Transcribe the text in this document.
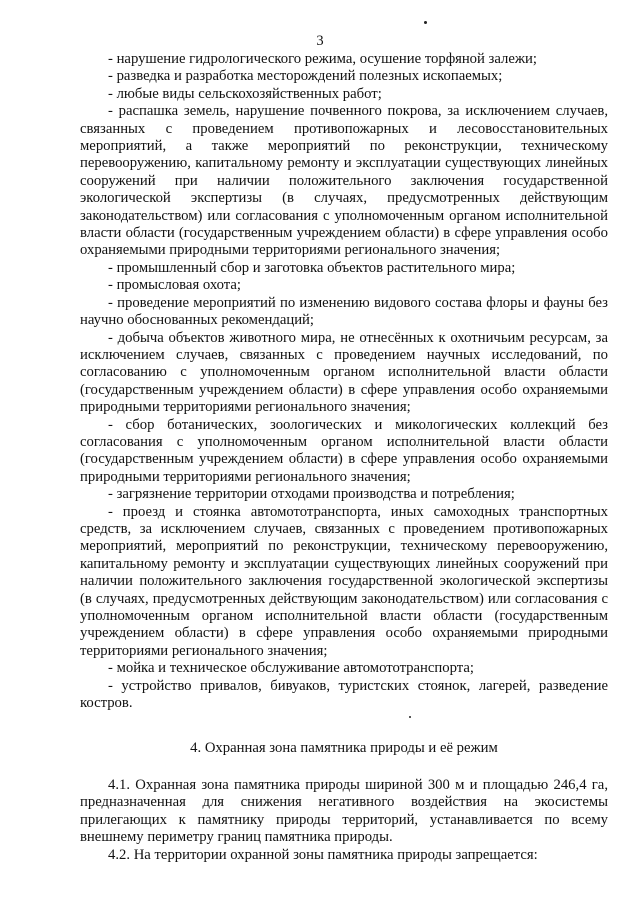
3

- нарушение гидрологического режима, осушение торфяной залежи;

- разведка и разработка месторождений полезных ископаемых;

- любые виды сельскохозяйственных работ;

- распашка земель, нарушение почвенного покрова, за исключением случаев, связанных с проведением противопожарных и лесовосстановительных мероприятий, а также мероприятий по реконструкции, техническому перевооружению, капитальному ремонту и эксплуатации существующих линейных сооружений при наличии положительного заключения государственной экологической экспертизы (в случаях, предусмотренных действующим законодательством) или согласования с уполномоченным органом исполнительной власти области (государственным учреждением области) в сфере управления особо охраняемыми природными территориями регионального значения;

- промышленный сбор и заготовка объектов растительного мира;

- промысловая охота;

- проведение мероприятий по изменению видового состава флоры и фауны без научно обоснованных рекомендаций;

- добыча объектов животного мира, не отнесённых к охотничьим ресурсам, за исключением случаев, связанных с проведением научных исследований, по согласованию с уполномоченным органом исполнительной власти области (государственным учреждением области) в сфере управления особо охраняемыми природными территориями регионального значения;

- сбор ботанических, зоологических и микологических коллекций без согласования с уполномоченным органом исполнительной власти области (государственным учреждением области) в сфере управления особо охраняемыми природными территориями регионального значения;

- загрязнение территории отходами производства и потребления;

- проезд и стоянка автомототранспорта, иных самоходных транспортных средств, за исключением случаев, связанных с проведением противопожарных мероприятий, мероприятий по реконструкции, техническому перевооружению, капитальному ремонту и эксплуатации существующих линейных сооружений при наличии положительного заключения государственной экологической экспертизы (в случаях, предусмотренных действующим законодательством) или согласования с уполномоченным органом исполнительной власти области (государственным учреждением области) в сфере управления особо охраняемыми природными территориями регионального значения;

- мойка и техническое обслуживание автомототранспорта;

- устройство привалов, бивуаков, туристских стоянок, лагерей, разведение костров.

4. Охранная зона памятника природы и её режим

4.1. Охранная зона памятника природы шириной 300 м и площадью 246,4 га, предназначенная для снижения негативного воздействия на экосистемы прилегающих к памятнику природы территорий, устанавливается по всему внешнему периметру границ памятника природы.

4.2. На территории охранной зоны памятника природы запрещается:
